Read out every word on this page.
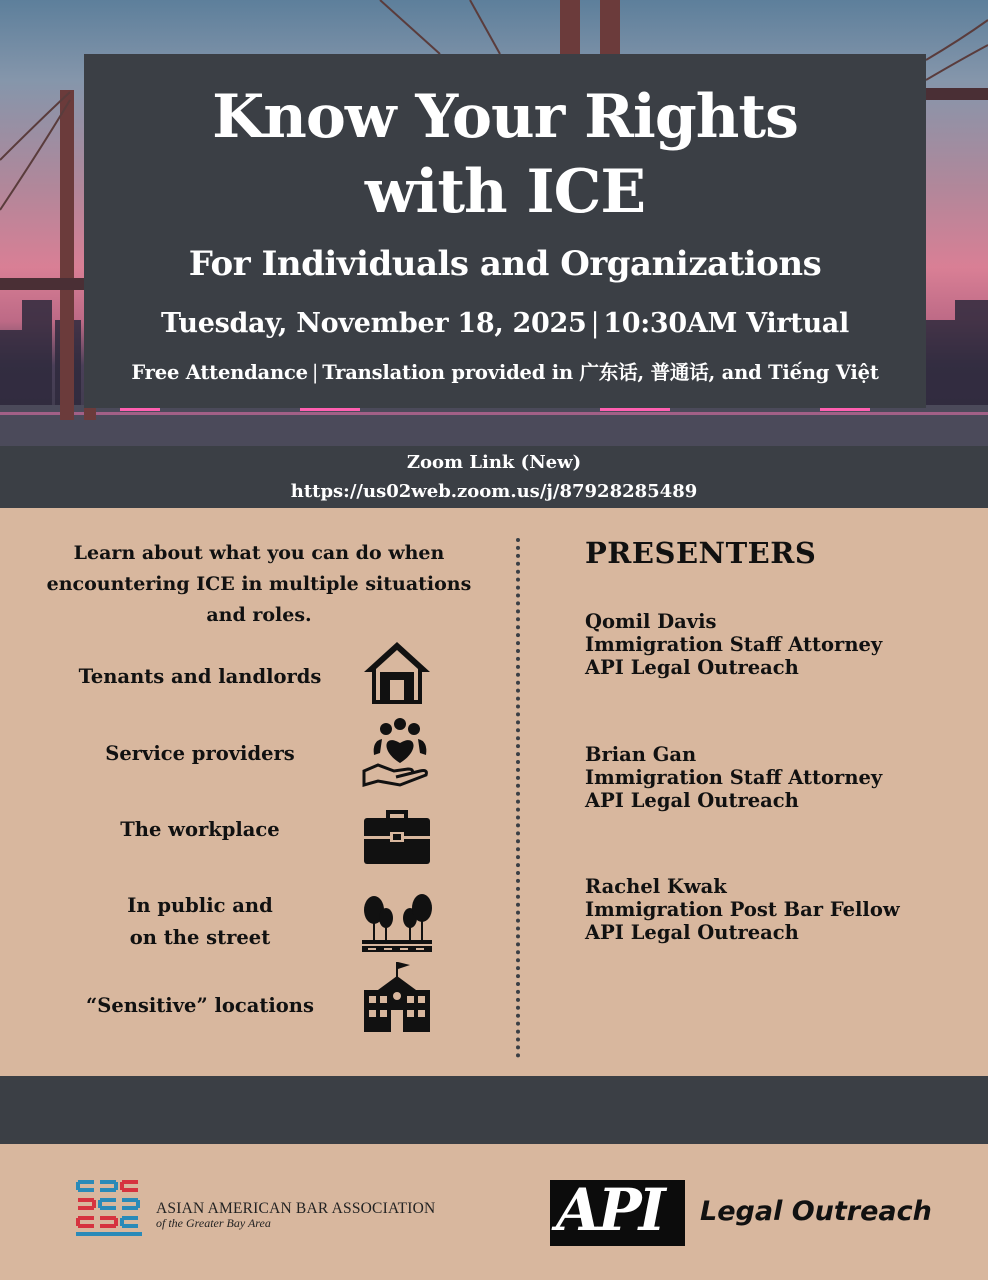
Know Your Rights
with ICE
For Individuals and Organizations
Tuesday, November 18, 2025 | 10:30AM Virtual
Free Attendance | Translation provided in 广东话, 普通话, and Tiếng Việt
Zoom Link (New)
https://us02web.zoom.us/j/87928285489
Learn about what you can do when encountering ICE in multiple situations and roles.
Tenants and landlords
Service providers
The workplace
In public and
on the street
“Sensitive” locations
PRESENTERS
Qomil Davis
Immigration Staff Attorney
API Legal Outreach
Brian Gan
Immigration Staff Attorney
API Legal Outreach
Rachel Kwak
Immigration Post Bar Fellow
API Legal Outreach
ASIAN AMERICAN BAR ASSOCIATION
of the Greater Bay Area	API Legal Outreach
